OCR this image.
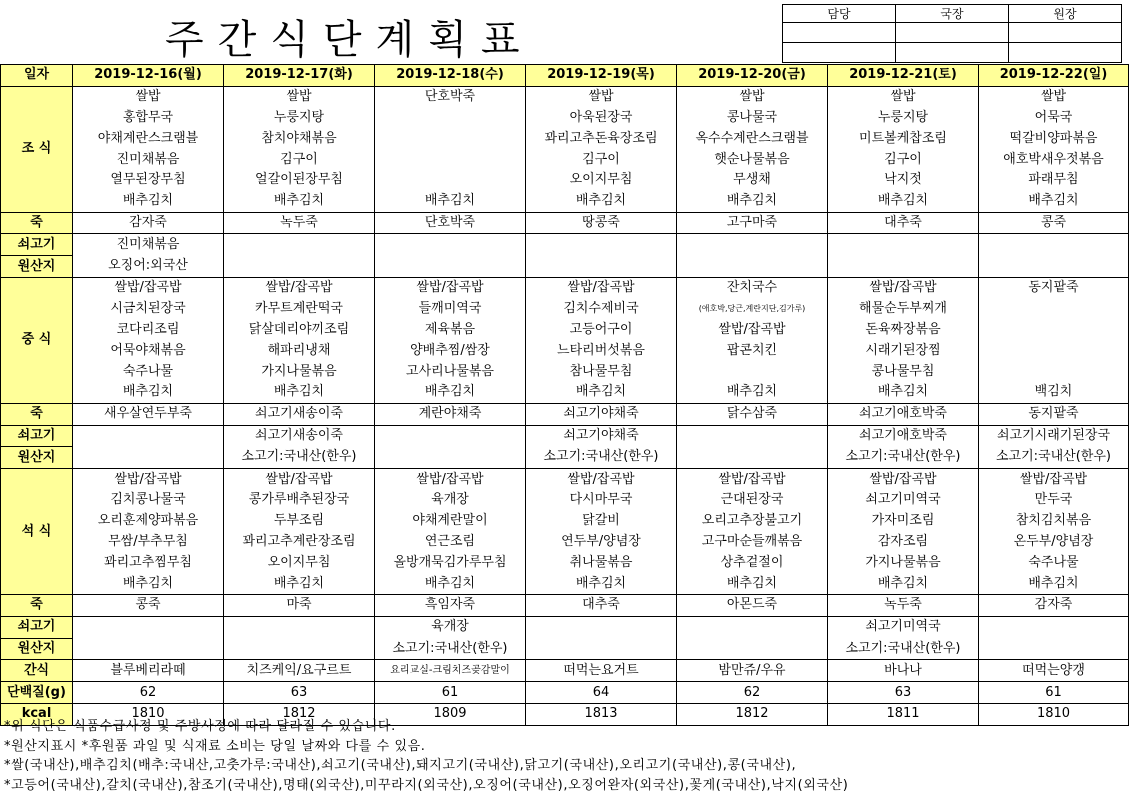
주간식단계획표
담당	국장	원장

일자	2019-12-16(월)	2019-12-17(화)	2019-12-18(수)	2019-12-19(목)	2019-12-20(금)	2019-12-21(토)	2019-12-22(일)
조 식	쌀밥	쌀밥	단호박죽	쌀밥	쌀밥	쌀밥	쌀밥
	홍합무국	누룽지탕		아욱된장국	콩나물국	누룽지탕	어묵국
	야채계란스크램블	참치야채볶음		꽈리고추돈육장조림	옥수수계란스크램블	미트볼케찹조림	떡갈비양파볶음
	진미채볶음	김구이		김구이	햇순나물볶음	김구이	애호박새우젓볶음
	열무된장무침	얼갈이된장무침		오이지무침	무생채	낙지젓	파래무침
	배추김치	배추김치	배추김치	배추김치	배추김치	배추김치	배추김치
죽	감자죽	녹두죽	단호박죽	땅콩죽	고구마죽	대추죽	콩죽
쇠고기	진미채볶음						
원산지	오징어:외국산						
중 식	쌀밥/잡곡밥	쌀밥/잡곡밥	쌀밥/잡곡밥	쌀밥/잡곡밥	잔치국수	쌀밥/잡곡밥	동지팥죽
	시금치된장국	카무트계란떡국	들깨미역국	김치수제비국	(애호박,당근,계란지단,김가루)	해물순두부찌개	
	코다리조림	닭살데리야끼조림	제육볶음	고등어구이	쌀밥/잡곡밥	돈육짜장볶음	
	어묵야채볶음	해파리냉채	양배추찜/쌈장	느타리버섯볶음	팝콘치킨	시래기된장찜	
	숙주나물	가지나물볶음	고사리나물볶음	참나물무침		콩나물무침	
	배추김치	배추김치	배추김치	배추김치	배추김치	배추김치	백김치
죽	새우살연두부죽	쇠고기새송이죽	계란야채죽	쇠고기야채죽	닭수삼죽	쇠고기애호박죽	동지팥죽
쇠고기		쇠고기새송이죽		쇠고기야채죽		쇠고기애호박죽	쇠고기시래기된장국
원산지		소고기:국내산(한우)		소고기:국내산(한우)		소고기:국내산(한우)	소고기:국내산(한우)
석 식	쌀밥/잡곡밥	쌀밥/잡곡밥	쌀밥/잡곡밥	쌀밥/잡곡밥	쌀밥/잡곡밥	쌀밥/잡곡밥	쌀밥/잡곡밥
	김치콩나물국	콩가루배추된장국	육개장	다시마무국	근대된장국	쇠고기미역국	만두국
	오리훈제양파볶음	두부조림	야채계란말이	닭갈비	오리고추장불고기	가자미조림	참치김치볶음
	무쌈/부추무침	꽈리고추계란장조림	연근조림	연두부/양념장	고구마순들깨볶음	감자조림	온두부/양념장
	꽈리고추찜무침	오이지무침	올방개묵김가루무침	취나물볶음	상추겉절이	가지나물볶음	숙주나물
	배추김치	배추김치	배추김치	배추김치	배추김치	배추김치	배추김치
죽	콩죽	마죽	흑임자죽	대추죽	아몬드죽	녹두죽	감자죽
쇠고기			육개장			쇠고기미역국	
원산지			소고기:국내산(한우)			소고기:국내산(한우)	
간식	블루베리라떼	치즈케익/요구르트	요리교실-크림치즈곶감말이	떠먹는요거트	밤만쥬/우유	바나나	떠먹는양갱
단백질(g)	62	63	61	64	62	63	61
kcal	1810	1812	1809	1813	1812	1811	1810
*위 식단은 식품수급사정 및 주방사정에 따라 달라질 수 있습니다.
*원산지표시 *후원품 과일 및 식재료 소비는 당일 날짜와 다를 수 있음.
*쌀(국내산),배추김치(배추:국내산,고춧가루:국내산),쇠고기(국내산),돼지고기(국내산),닭고기(국내산),오리고기(국내산),콩(국내산),
*고등어(국내산),갈치(국내산),참조기(국내산),명태(외국산),미꾸라지(외국산),오징어(국내산),오징어완자(외국산),꽃게(국내산),낙지(외국산)
